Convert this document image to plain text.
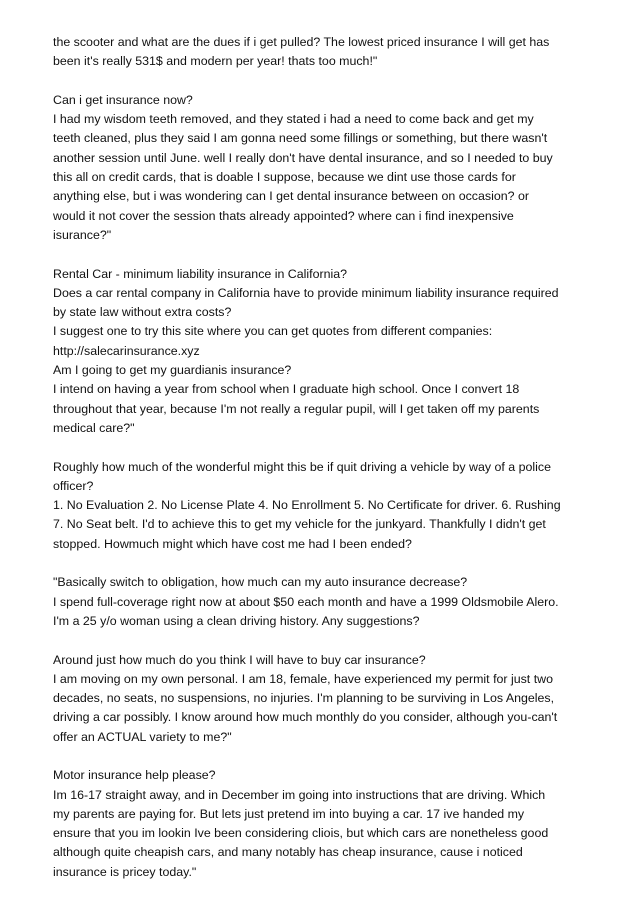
the scooter and what are the dues if i get pulled? The lowest priced insurance I will get has
been it's really 531$ and modern per year! thats too much!"
Can i get insurance now?
I had my wisdom teeth removed, and they stated i had a need to come back and get my
teeth cleaned, plus they said I am gonna need some fillings or something, but there wasn't
another session until June. well I really don't have dental insurance, and so I needed to buy
this all on credit cards, that is doable I suppose, because we dint use those cards for
anything else, but i was wondering can I get dental insurance between on occasion? or
would it not cover the session thats already appointed? where can i find inexpensive
isurance?"
Rental Car - minimum liability insurance in California?
Does a car rental company in California have to provide minimum liability insurance required
by state law without extra costs?
I suggest one to try this site where you can get quotes from different companies:
http://salecarinsurance.xyz
Am I going to get my guardianis insurance?
I intend on having a year from school when I graduate high school. Once I convert 18
throughout that year, because I'm not really a regular pupil, will I get taken off my parents
medical care?"
Roughly how much of the wonderful might this be if quit driving a vehicle by way of a police
officer?
1. No Evaluation 2. No License Plate 4. No Enrollment 5. No Certificate for driver. 6. Rushing
7. No Seat belt. I'd to achieve this to get my vehicle for the junkyard. Thankfully I didn't get
stopped. Howmuch might which have cost me had I been ended?
"Basically switch to obligation, how much can my auto insurance decrease?
I spend full-coverage right now at about $50 each month and have a 1999 Oldsmobile Alero.
I'm a 25 y/o woman using a clean driving history. Any suggestions?
Around just how much do you think I will have to buy car insurance?
I am moving on my own personal. I am 18, female, have experienced my permit for just two
decades, no seats, no suspensions, no injuries. I'm planning to be surviving in Los Angeles,
driving a car possibly. I know around how much monthly do you consider, although you-can't
offer an ACTUAL variety to me?"
Motor insurance help please?
Im 16-17 straight away, and in December im going into instructions that are driving. Which
my parents are paying for. But lets just pretend im into buying a car. 17 ive handed my
ensure that you im lookin Ive been considering cliois, but which cars are nonetheless good
although quite cheapish cars, and many notably has cheap insurance, cause i noticed
insurance is pricey today."
